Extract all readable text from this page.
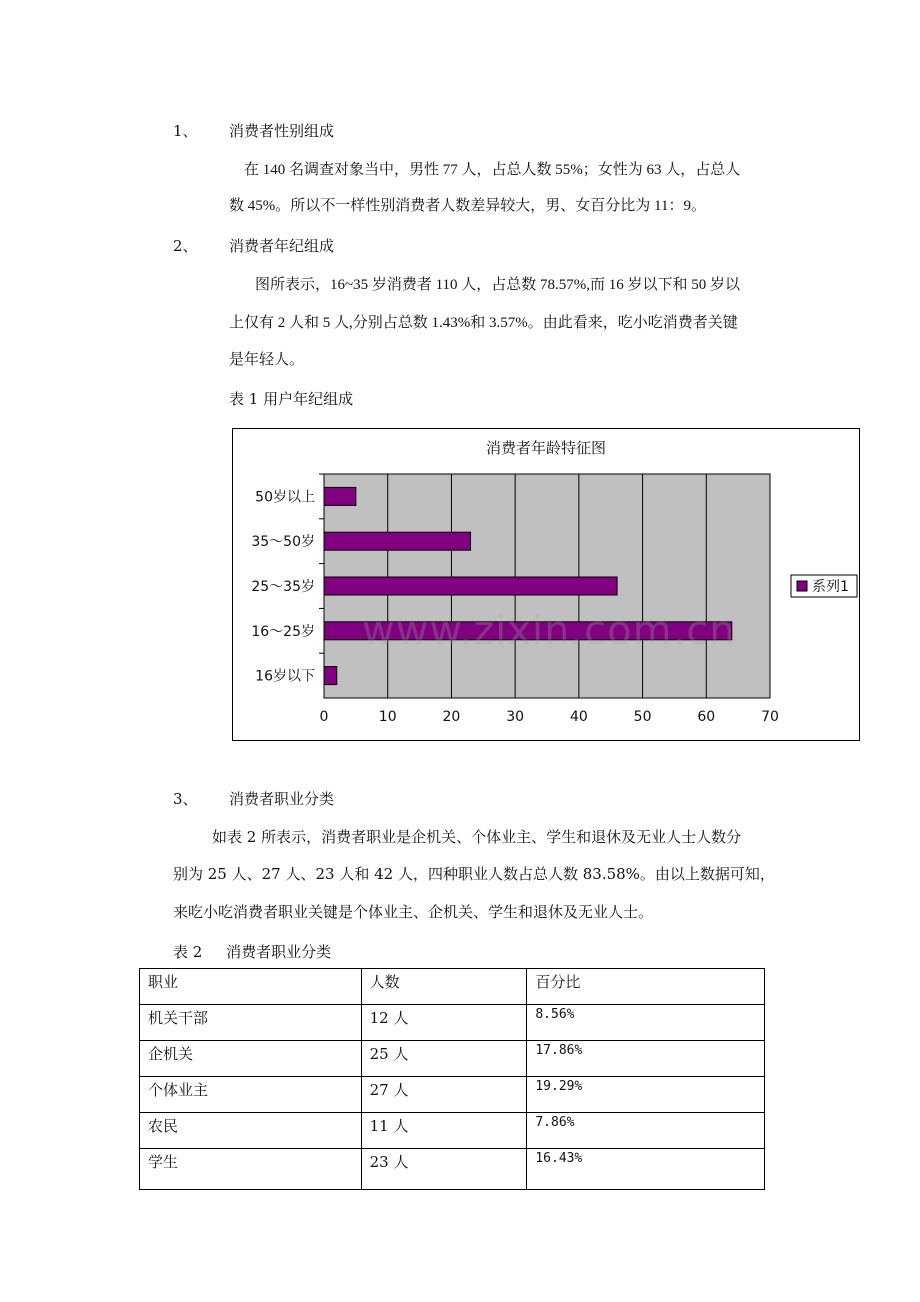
1、 消费者性别组成
在 140 名调查对象当中，男性 77 人，占总人数 55%；女性为 63 人，占总人
数 45%。所以不一样性别消费者人数差异较大，男、女百分比为 11：9。
2、 消费者年纪组成
图所表示，16~35 岁消费者 110 人，占总数 78.57%,而 16 岁以下和 50 岁以
上仅有 2 人和 5 人,分别占总数 1.43%和 3.57%。由此看来，吃小吃消费者关键
是年轻人。
表 1 用户年纪组成
消费者年龄特征图
0	10	20	30	40	50	60	70
50岁以上
35～50岁
25～35岁
16～25岁
16岁以下
系列1
www.zixin.com.cn
3、 消费者职业分类
如表 2 所表示，消费者职业是企机关、个体业主、学生和退休及无业人士人数分
别为 25 人、27 人、23 人和 42 人，四种职业人数占总人数 83.58%。由以上数据可知，
来吃小吃消费者职业关键是个体业主、企机关、学生和退休及无业人士。
表 2     消费者职业分类
职业	人数	百分比
机关干部	12 人	8.56%
企机关	25 人	17.86%
个体业主	27 人	19.29%
农民	11 人	7.86%
学生	23 人	16.43%
